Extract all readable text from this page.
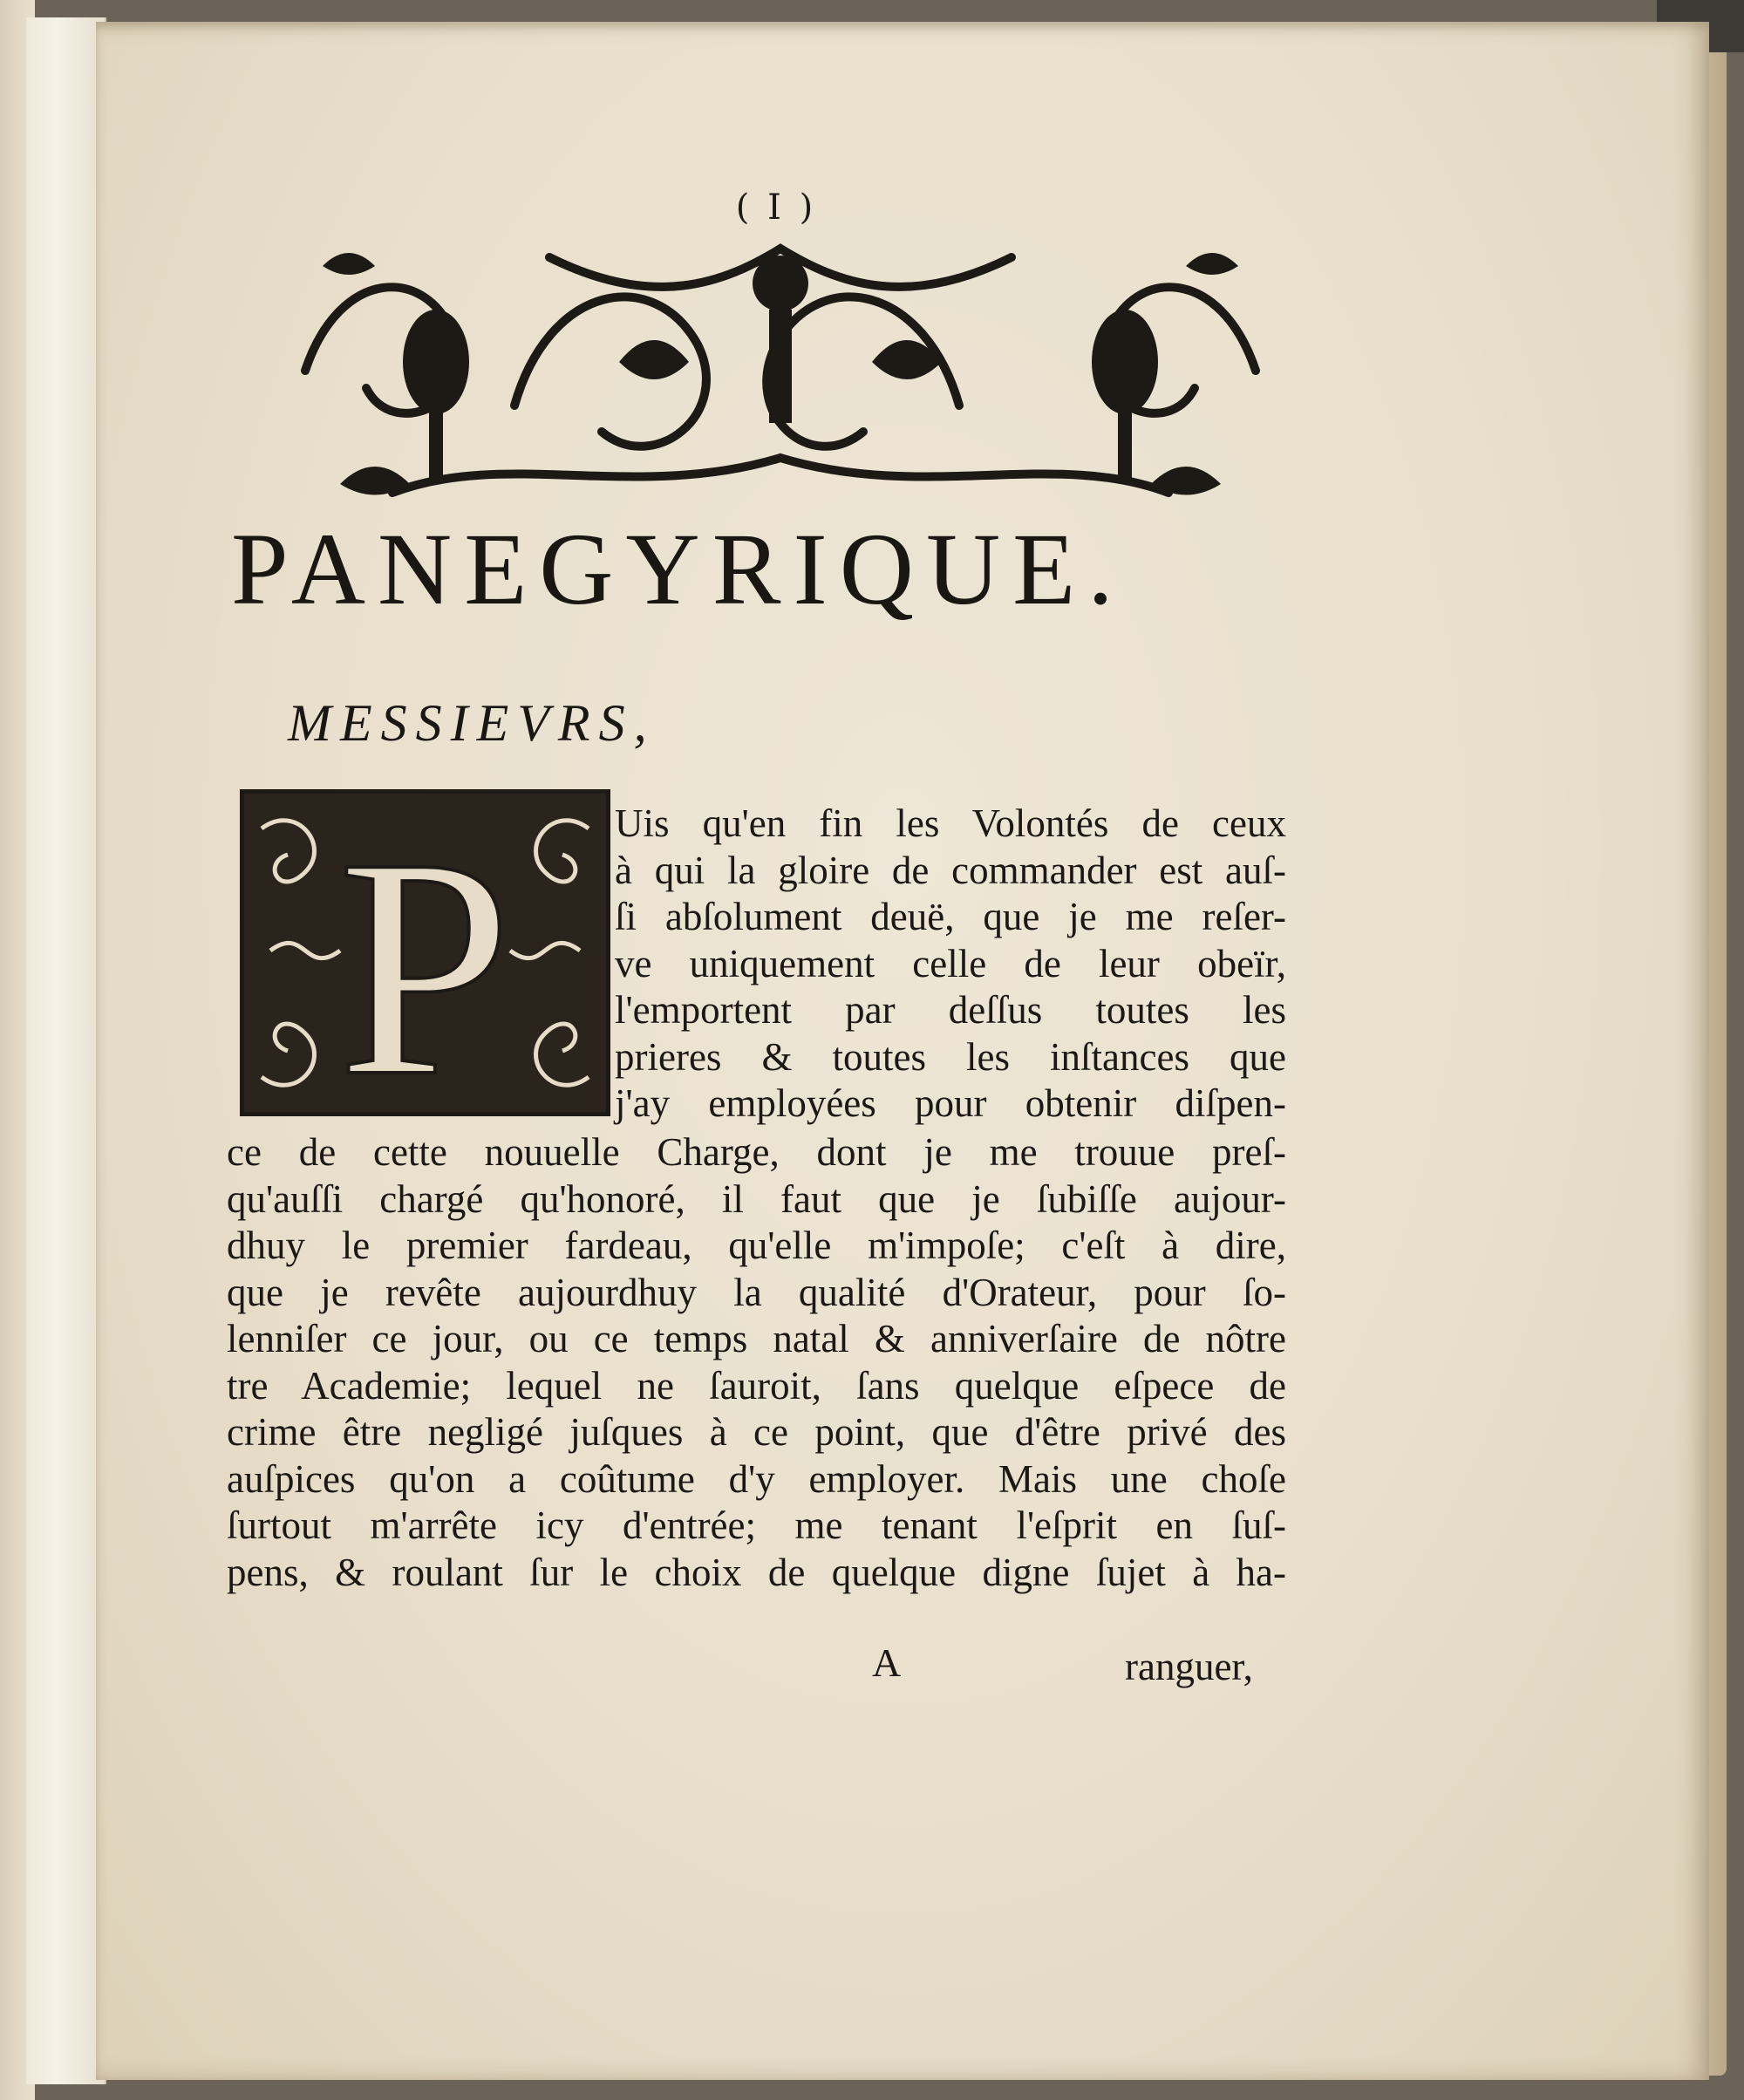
( I )
PANEGYRIQUE.
MESSIEVRS,
P	Uis qu'en fin les Volontés de ceux
à qui la gloire de commander est auſ-
ſi abſolument deuë, que je me reſer-
ve uniquement celle de leur obeïr,
l'emportent par deſſus toutes les
prieres & toutes les inſtances que
j'ay employées pour obtenir diſpen-
ce de cette nouuelle Charge, dont je me trouue preſ-
qu'auſſi chargé qu'honoré, il faut que je ſubiſſe aujour-
dhuy le premier fardeau, qu'elle m'impoſe; c'eſt à dire,
que je revête aujourdhuy la qualité d'Orateur, pour ſo-
lenniſer ce jour, ou ce temps natal & anniverſaire de nôtre
tre Academie; lequel ne ſauroit, ſans quelque eſpece de
crime être negligé juſques à ce point, que d'être privé des
auſpices qu'on a coûtume d'y employer. Mais une choſe
ſurtout m'arrête icy d'entrée; me tenant l'eſprit en ſuſ-
pens, & roulant ſur le choix de quelque digne ſujet à ha-
A	ranguer,
